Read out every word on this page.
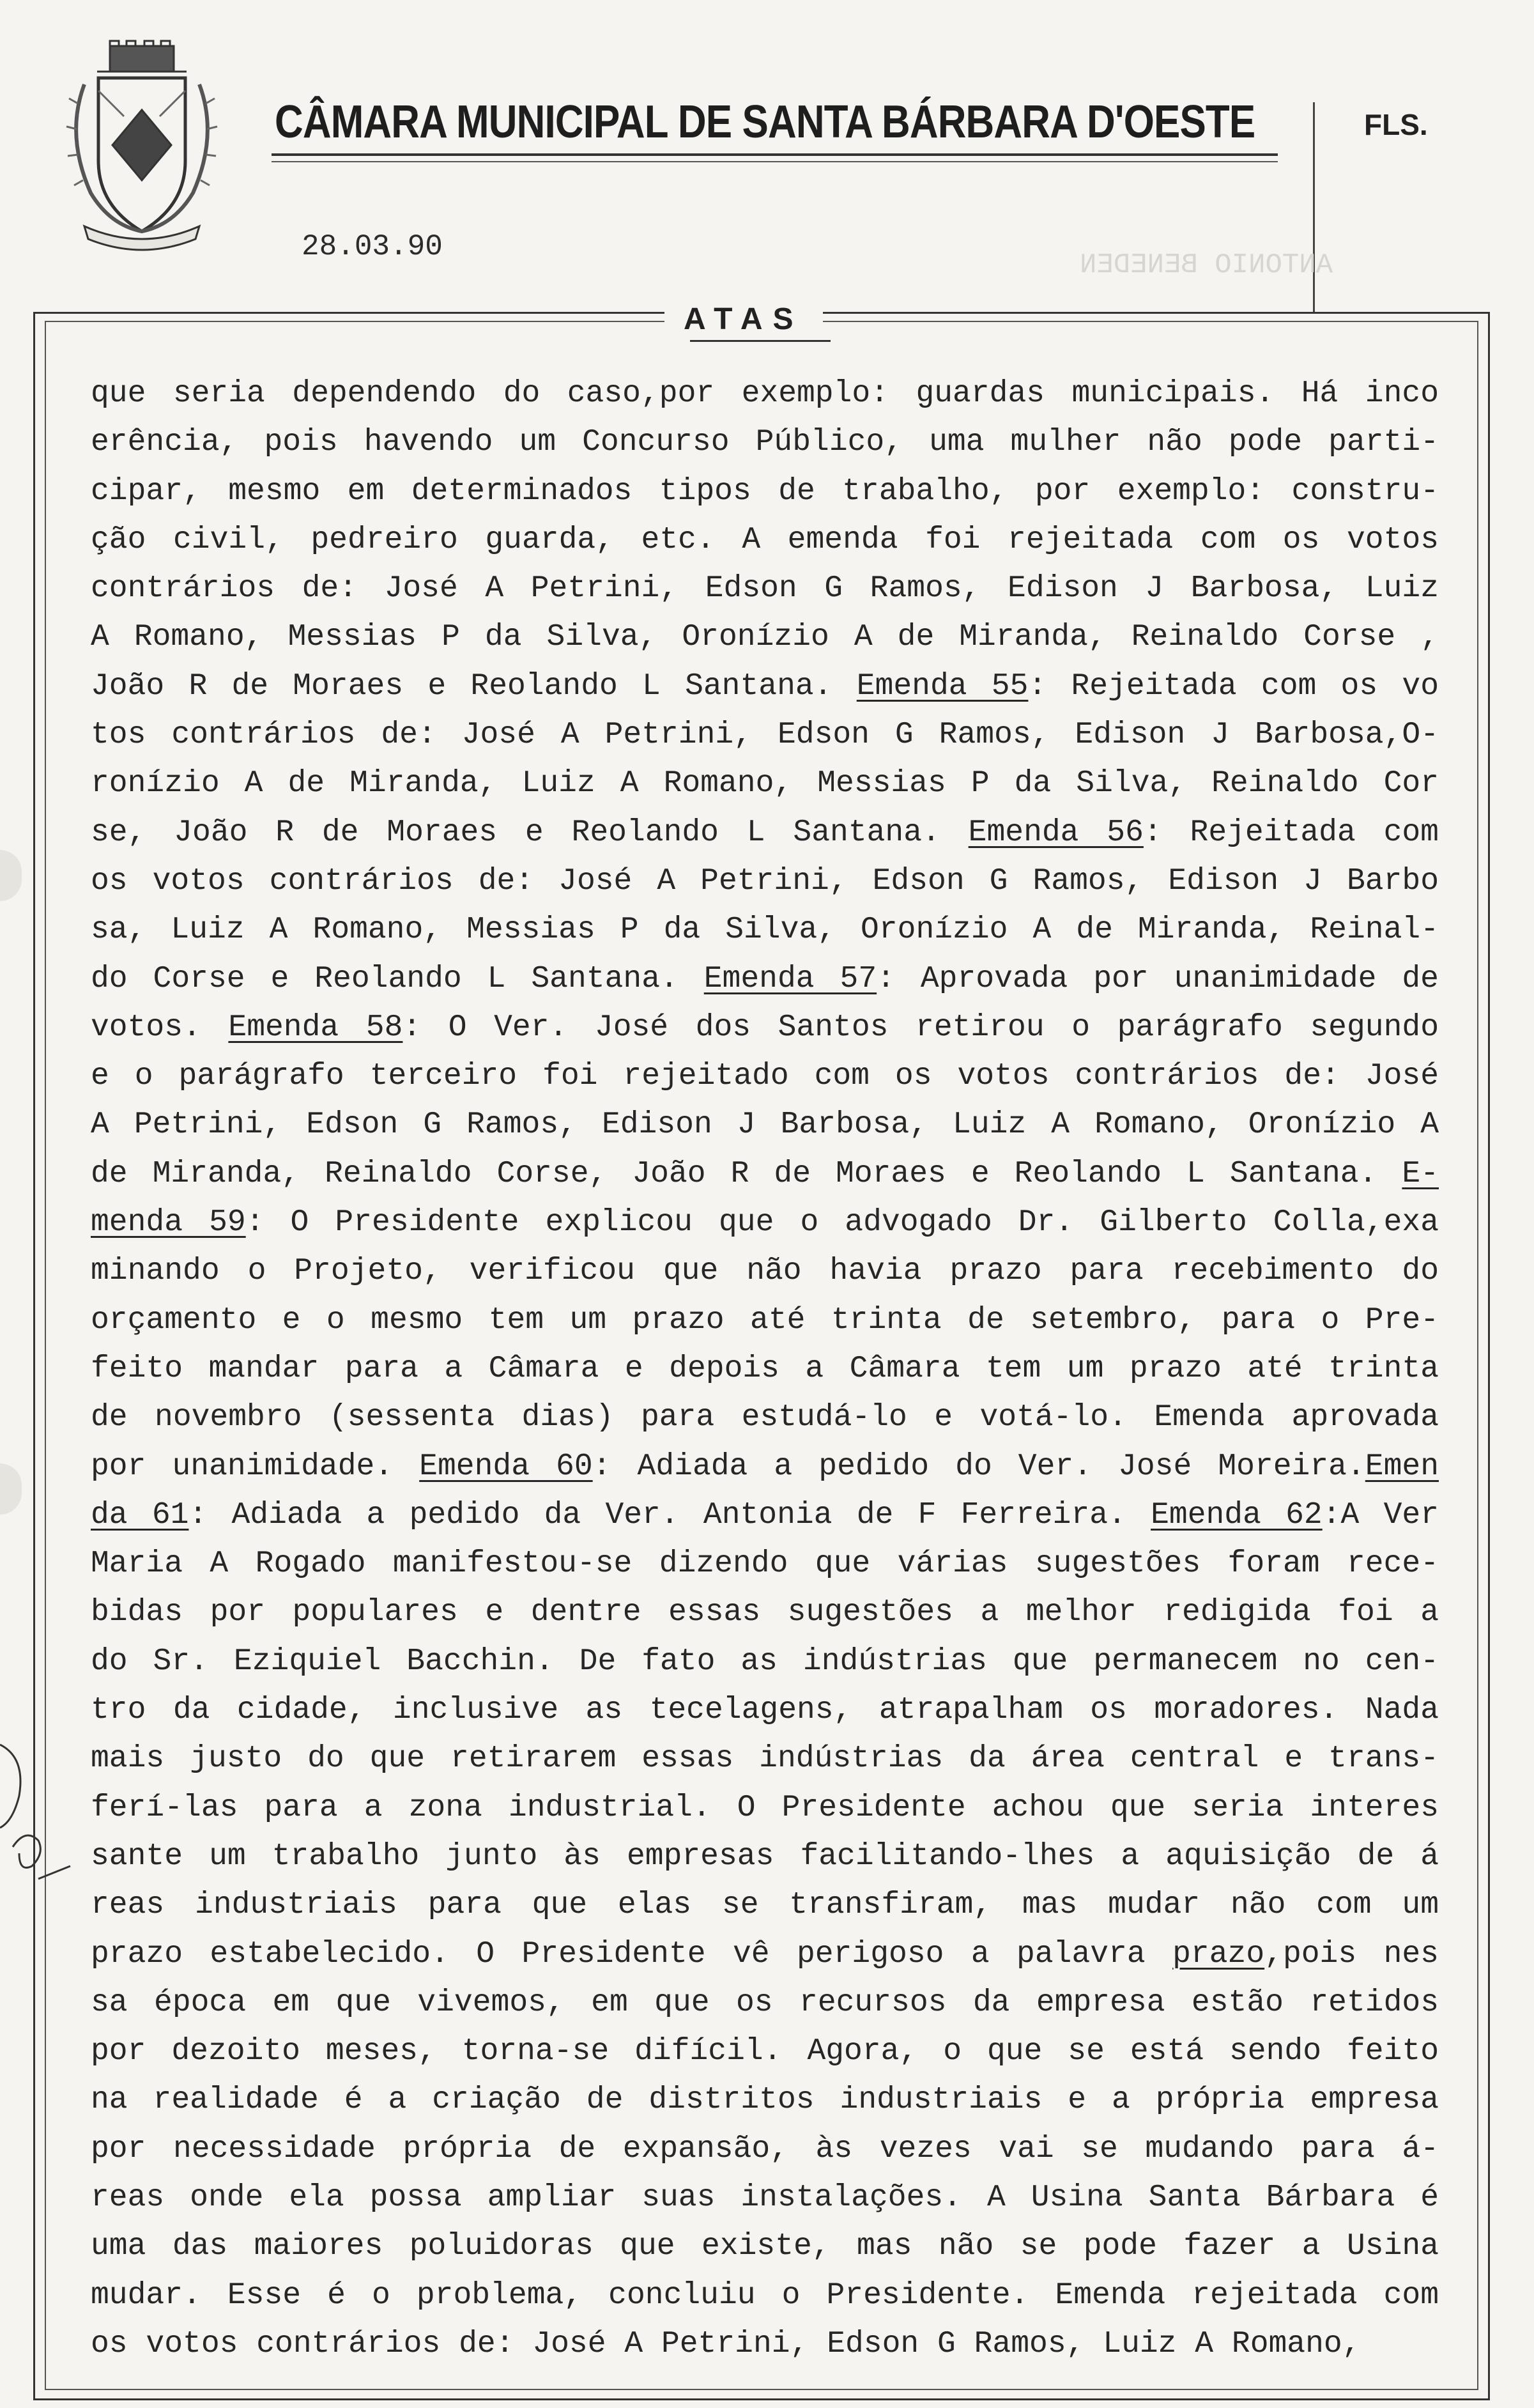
CÂMARA MUNICIPAL DE SANTA BÁRBARA D'OESTE	FLS.
28.03.90
ANTONIO BENEDEN
ATAS
que seria dependendo do caso,por exemplo: guardas municipais. Há inco
erência, pois havendo um Concurso Público, uma mulher não pode parti-
cipar, mesmo em determinados tipos de trabalho, por exemplo: constru-
ção civil, pedreiro guarda, etc. A emenda foi rejeitada com os votos
contrários de: José A Petrini, Edson G Ramos, Edison J Barbosa, Luiz
A Romano, Messias P da Silva, Oronízio A de Miranda, Reinaldo Corse ,
João R de Moraes e Reolando L Santana. Emenda 55: Rejeitada com os vo
tos contrários de: José A Petrini, Edson G Ramos, Edison J Barbosa,O-
ronízio A de Miranda, Luiz A Romano, Messias P da Silva, Reinaldo Cor
se, João R de Moraes e Reolando L Santana. Emenda 56: Rejeitada com
os votos contrários de: José A Petrini, Edson G Ramos, Edison J Barbo
sa, Luiz A Romano, Messias P da Silva, Oronízio A de Miranda, Reinal-
do Corse e Reolando L Santana. Emenda 57: Aprovada por unanimidade de
votos. Emenda 58: O Ver. José dos Santos retirou o parágrafo segundo
e o parágrafo terceiro foi rejeitado com os votos contrários de: José
A Petrini, Edson G Ramos, Edison J Barbosa, Luiz A Romano, Oronízio A
de Miranda, Reinaldo Corse, João R de Moraes e Reolando L Santana. E-
menda 59: O Presidente explicou que o advogado Dr. Gilberto Colla,exa
minando o Projeto, verificou que não havia prazo para recebimento do
orçamento e o mesmo tem um prazo até trinta de setembro, para o Pre-
feito mandar para a Câmara e depois a Câmara tem um prazo até trinta
de novembro (sessenta dias) para estudá-lo e votá-lo. Emenda aprovada
por unanimidade. Emenda 60: Adiada a pedido do Ver. José Moreira.Emen
da 61: Adiada a pedido da Ver. Antonia de F Ferreira. Emenda 62:A Ver
Maria A Rogado manifestou-se dizendo que várias sugestões foram rece-
bidas por populares e dentre essas sugestões a melhor redigida foi a
do Sr. Eziquiel Bacchin. De fato as indústrias que permanecem no cen-
tro da cidade, inclusive as tecelagens, atrapalham os moradores. Nada
mais justo do que retirarem essas indústrias da área central e trans-
ferí-las para a zona industrial. O Presidente achou que seria interes
sante um trabalho junto às empresas facilitando-lhes a aquisição de á
reas industriais para que elas se transfiram, mas mudar não com um
prazo estabelecido. O Presidente vê perigoso a palavra prazo,pois nes
sa época em que vivemos, em que os recursos da empresa estão retidos
por dezoito meses, torna-se difícil. Agora, o que se está sendo feito
na realidade é a criação de distritos industriais e a própria empresa
por necessidade própria de expansão, às vezes vai se mudando para á-
reas onde ela possa ampliar suas instalações. A Usina Santa Bárbara é
uma das maiores poluidoras que existe, mas não se pode fazer a Usina
mudar. Esse é o problema, concluiu o Presidente. Emenda rejeitada com
os votos contrários de: José A Petrini, Edson G Ramos, Luiz A Romano,
